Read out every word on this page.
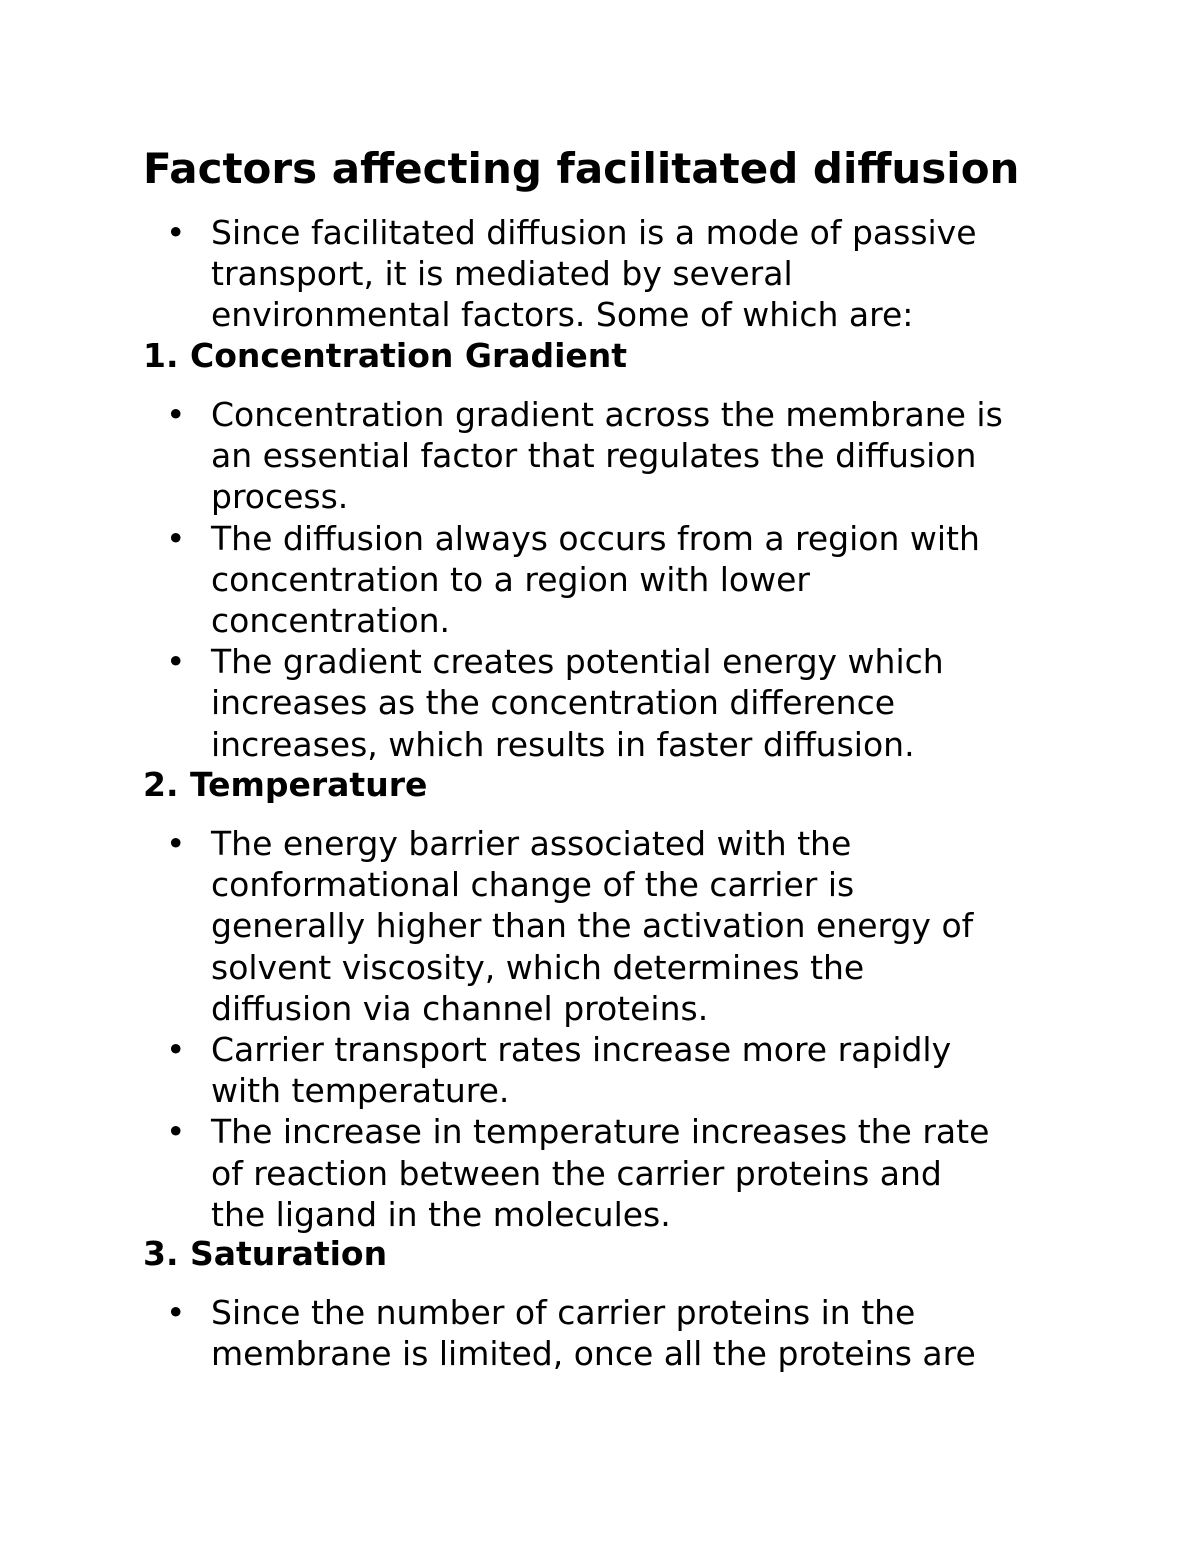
Factors affecting facilitated diffusion
• Since facilitated diffusion is a mode of passive
transport, it is mediated by several
environmental factors. Some of which are:
1. Concentration Gradient
• Concentration gradient across the membrane is
an essential factor that regulates the diffusion
process.
• The diffusion always occurs from a region with
concentration to a region with lower
concentration.
• The gradient creates potential energy which
increases as the concentration difference
increases, which results in faster diffusion.
2. Temperature
• The energy barrier associated with the
conformational change of the carrier is
generally higher than the activation energy of
solvent viscosity, which determines the
diffusion via channel proteins.
• Carrier transport rates increase more rapidly
with temperature.
• The increase in temperature increases the rate
of reaction between the carrier proteins and
the ligand in the molecules.
3. Saturation
• Since the number of carrier proteins in the
membrane is limited, once all the proteins are
